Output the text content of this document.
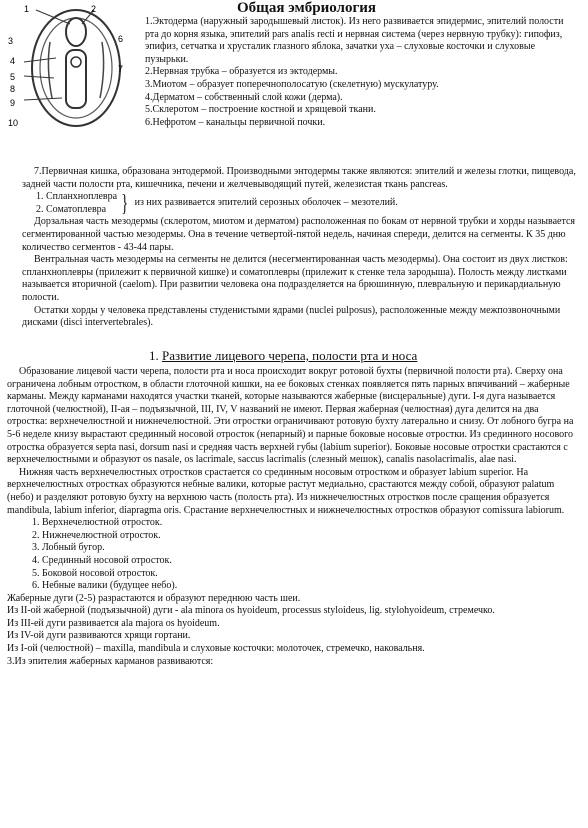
1	2
3
4
5
6
7
8
9
10
Общая эмбриология

1.Эктодерма (наружный зародышевый листок). Из него развивается эпидермис, эпителий полости рта до корня языка, эпителий pars analis recti и нервная система (через нервную трубку): гипофиз, эпифиз, сетчатка и хрусталик глазного яблока, зачатки уха – слуховые косточки и слуховые пузырьки.

2.Нервная трубка – образуется из эктодермы.

3.Миотом – образует поперечнополосатую (скелетную) мускулатуру.

4.Дерматом – собственный слой кожи (дерма).

5.Склеротом – построение костной и хрящевой ткани.

6.Нефротом – канальцы первичной почки.

7.Первичная кишка, образована энтодермой. Производными энтодермы также являются: эпителий и железы глотки, пищевода, задней части полости рта, кишечника, печени и желчевыводящий путей, железистая ткань pancreas.

1. Спланхноплевра
2. Соматоплевра } из них развивается эпителий серозных оболочек – мезотелий.

Дорзальная часть мезодермы (склеротом, миотом и дерматом) расположенная по бокам от нервной трубки и хорды называется сегментированной частью мезодермы. Она в течение четвертой-пятой недель, начиная спереди, делится на сегменты. К 35 дню количество сегментов - 43-44 пары.

Вентральная часть мезодермы на сегменты не делится (несегментированная часть мезодермы). Она состоит из двух листков: спланхноплевры (прилежит к первичной кишке) и соматоплевры (прилежит к стенке тела зародыша). Полость между листками называется вторичной (caelom). При развитии человека она подразделяется на брюшинную, плевральную и перикардиальную полости.

Остатки хорды у человека представлены студенистыми ядрами (nuclei pulposus), расположенные между межпозвоночными дисками (disci intervertebrales).

1. Развитие лицевого черепа, полости рта и носа

Образование лицевой части черепа, полости рта и носа происходит вокруг ротовой бухты (первичной полости рта). Сверху она ограничена лобным отростком, в области глоточной кишки, на ее боковых стенках появляется пять парных впячиваний – жаберные карманы. Между карманами находятся участки тканей, которые называются жаберные (висцеральные) дуги. I-я дуга называется глоточной (челюстной), II-ая – подъязычной, III, IV, V названий не имеют. Первая жаберная (челюстная) дуга делится на два отростка: верхнечелюстной и нижнечелюстной. Эти отростки ограничивают ротовую бухту латерально и снизу. От лобного бугра на 5-6 неделе книзу вырастают срединный носовой отросток (непарный) и парные боковые носовые отростки. Из срединного носового отростка образуется septa nasi, dorsum nasi и средняя часть верхней губы (labium superior). Боковые носовые отростки срастаются с верхнечелюстными и образуют os nasale, os lacrimale, saccus lacrimalis (слезный мешок), canalis nasolacrimalis, alae nasi.

Нижняя часть верхнечелюстных отростков срастается со срединным носовым отростком и образует labium superior. На верхнечелюстных отростках образуются небные валики, которые растут медиально, срастаются между собой, образуют palatum (небо) и разделяют ротовую бухту на верхнюю часть (полость рта). Из нижнечелюстных отростков после сращения образуется mandibula, labium inferior, diapragma oris. Срастание верхнечелюстных и нижнечелюстных отростков образуют comissura labiorum.

1. Верхнечелюстной отросток.
2. Нижнечелюстной отросток.
3. Лобный бугор.
4. Срединный носовой отросток.
5. Боковой носовой отросток.
6. Небные валики (будущее небо).

Жаберные дуги (2-5) разрастаются и образуют переднюю часть шеи.

Из II-ой жаберной (подъязычной) дуги - ala minora os hyoideum, processus styloideus, lig. stylohyoideum, стремечко.

Из III-ей дуги развивается ala majora os hyoideum.

Из IV-ой дуги развиваются хрящи гортани.

Из I-ой (челюстной) – maxilla, mandibula и слуховые косточки: молоточек, стремечко, наковальня.

3.Из эпителия жаберных карманов развиваются:
